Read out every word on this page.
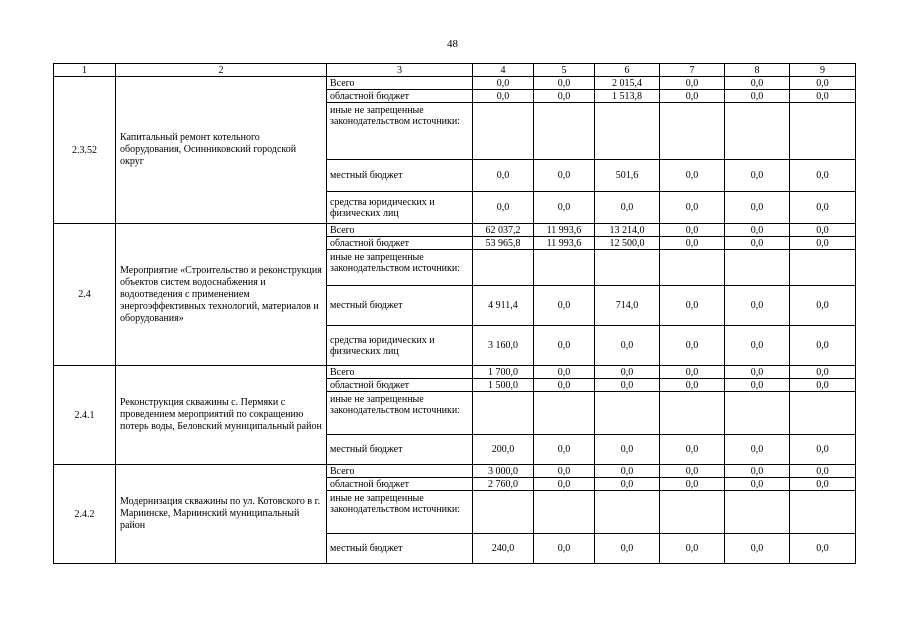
48
1	2	3	4	5	6	7	8	9
2.3.52	Капитальный ремонт котельного оборудования, Осинниковский городской округ	Всего	0,0	0,0	2 015,4	0,0	0,0	0,0
		областной бюджет	0,0	0,0	1 513,8	0,0	0,0	0,0
		иные не запрещенные законодательством источники:						
		местный бюджет	0,0	0,0	501,6	0,0	0,0	0,0
		средства юридических и физических лиц	0,0	0,0	0,0	0,0	0,0	0,0
2.4	Мероприятие «Строительство и реконструкция объектов систем водоснабжения и водоотведения с применением энергоэффективных технологий, материалов и оборудования»	Всего	62 037,2	11 993,6	13 214,0	0,0	0,0	0,0
		областной бюджет	53 965,8	11 993,6	12 500,0	0,0	0,0	0,0
		иные не запрещенные законодательством источники:						
		местный бюджет	4 911,4	0,0	714,0	0,0	0,0	0,0
		средства юридических и физических лиц	3 160,0	0,0	0,0	0,0	0,0	0,0
2.4.1	Реконструкция скважины с. Пермяки с проведением мероприятий по сокращению потерь воды, Беловский муниципальный район	Всего	1 700,0	0,0	0,0	0,0	0,0	0,0
		областной бюджет	1 500,0	0,0	0,0	0,0	0,0	0,0
		иные не запрещенные законодательством источники:						
		местный бюджет	200,0	0,0	0,0	0,0	0,0	0,0
2.4.2	Модернизация скважины по ул. Котовского в г. Мариинске, Мариинский муниципальный район	Всего	3 000,0	0,0	0,0	0,0	0,0	0,0
		областной бюджет	2 760,0	0,0	0,0	0,0	0,0	0,0
		иные не запрещенные законодательством источники:						
		местный бюджет	240,0	0,0	0,0	0,0	0,0	0,0
